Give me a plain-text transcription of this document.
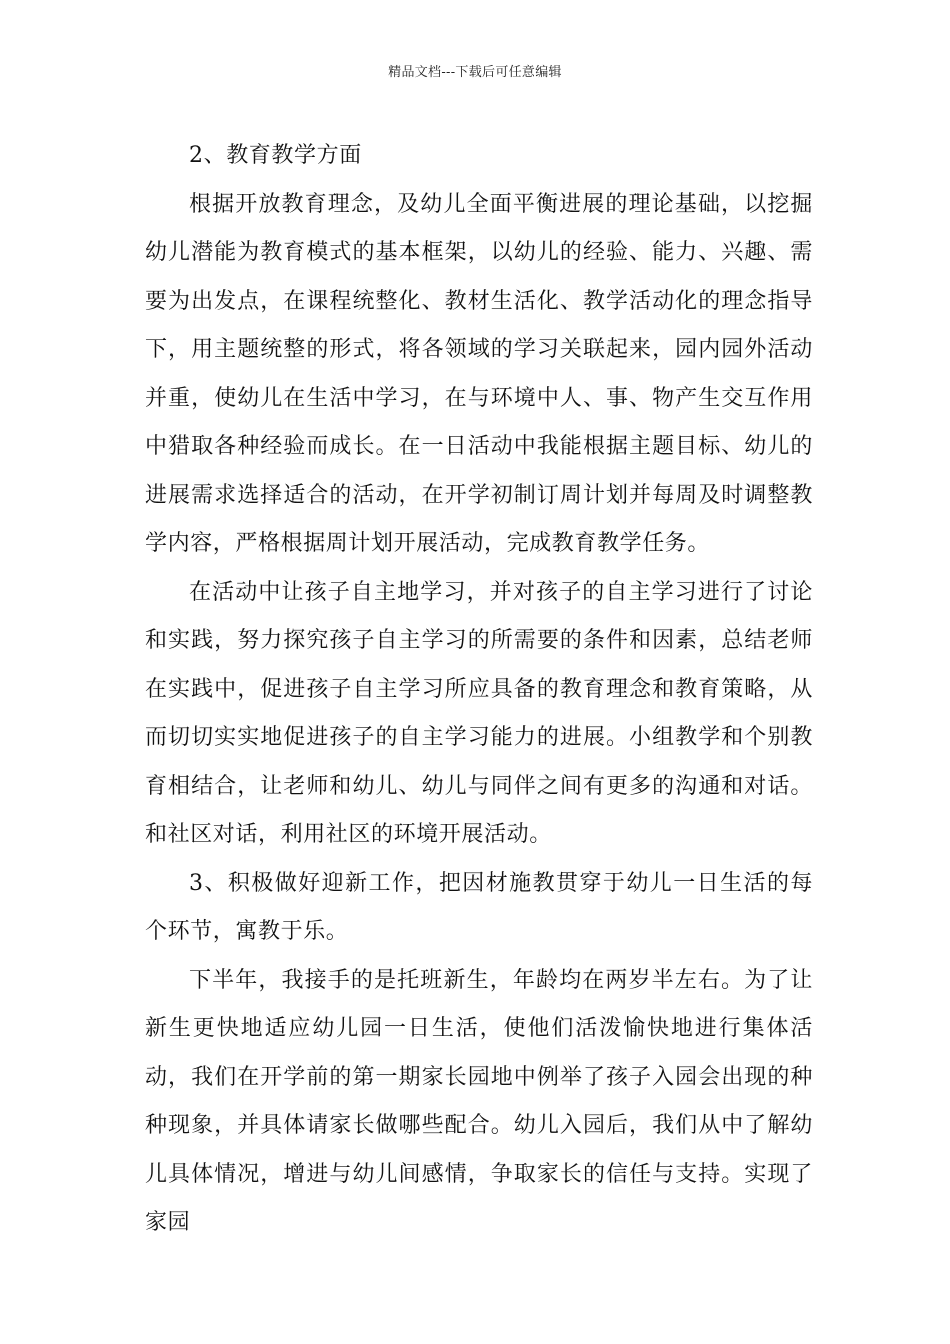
精品文档---下载后可任意编辑

2、教育教学方面

根据开放教育理念，及幼儿全面平衡进展的理论基础，以挖掘幼儿潜能为教育模式的基本框架，以幼儿的经验、能力、兴趣、需要为出发点，在课程统整化、教材生活化、教学活动化的理念指导下，用主题统整的形式，将各领域的学习关联起来，园内园外活动并重，使幼儿在生活中学习，在与环境中人、事、物产生交互作用中猎取各种经验而成长。在一日活动中我能根据主题目标、幼儿的进展需求选择适合的活动，在开学初制订周计划并每周及时调整教学内容，严格根据周计划开展活动，完成教育教学任务。

在活动中让孩子自主地学习，并对孩子的自主学习进行了讨论和实践，努力探究孩子自主学习的所需要的条件和因素，总结老师在实践中，促进孩子自主学习所应具备的教育理念和教育策略，从而切切实实地促进孩子的自主学习能力的进展。小组教学和个别教育相结合，让老师和幼儿、幼儿与同伴之间有更多的沟通和对话。和社区对话，利用社区的环境开展活动。

3、积极做好迎新工作，把因材施教贯穿于幼儿一日生活的每个环节，寓教于乐。

下半年，我接手的是托班新生，年龄均在两岁半左右。为了让新生更快地适应幼儿园一日生活，使他们活泼愉快地进行集体活动，我们在开学前的第一期家长园地中例举了孩子入园会出现的种种现象，并具体请家长做哪些配合。幼儿入园后，我们从中了解幼儿具体情况，增进与幼儿间感情，争取家长的信任与支持。实现了家园
